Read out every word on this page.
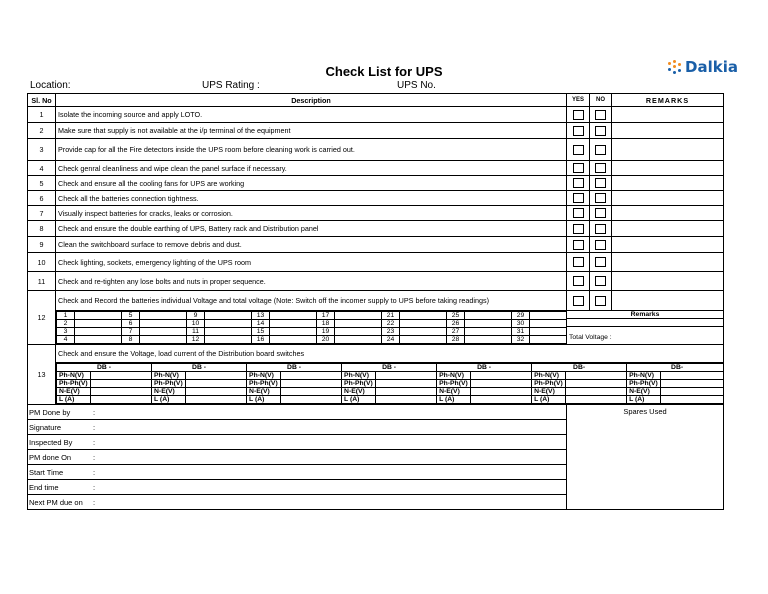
Check List for UPS	Dalkia
Location:	UPS Rating :	UPS No.
Sl. No	Description	YES	NO	REMARKS
1	Isolate the incoming source and apply LOTO.			
2	Make sure that supply is not available at the i/p terminal of the equipment			
3	Provide cap for all the Fire detectors inside the UPS room before cleaning work is carried out.			
4	Check genral cleanliness and wipe clean the panel surface if necessary.			
5	Check and ensure all the cooling fans for UPS are working			
6	Check all the batteries connection tightness.			
7	Visually inspect batteries for cracks, leaks or corrosion.			
8	Check and ensure the double earthing of UPS, Battery rack and Distribution panel			
9	Clean the switchboard surface to remove debris and dust.			
10	Check lighting, sockets, emergency lighting of the UPS room			
11	Check and re-tighten any lose bolts and nuts in proper sequence.			
12	Check and Record the batteries individual Voltage and total voltage (Note: Switch off the incomer supply to UPS before taking readings)			

1		5		9		13		17		21		25		29	
2		6		10		14		18		22		26		30	
3		7		11		15		19		23		27		31	
4		8		12		16		20		24		28		32	

Remarks

Total Voltage :

13	Check and ensure the Voltage, load current of the Distribution board switches

DB -	DB -	DB -	DB -	DB -	DB-	DB-
Ph-N(V)		Ph-N(V)		Ph-N(V)		Ph-N(V)		Ph-N(V)		Ph-N(V)		Ph-N(V)	
Ph-Ph(V)		Ph-Ph(V)		Ph-Ph(V)		Ph-Ph(V)		Ph-Ph(V)		Ph-Ph(V)		Ph-Ph(V)	
N-E(V)		N-E(V)		N-E(V)		N-E(V)		N-E(V)		N-E(V)		N-E(V)	
L (A)		L (A)		L (A)		L (A)		L (A)		L (A)		L (A)	

PM Done by	:	Spares Used

Signature	:
Inspected By	:
PM done On	:
Start Time	:
End time	:
Next PM due on :
